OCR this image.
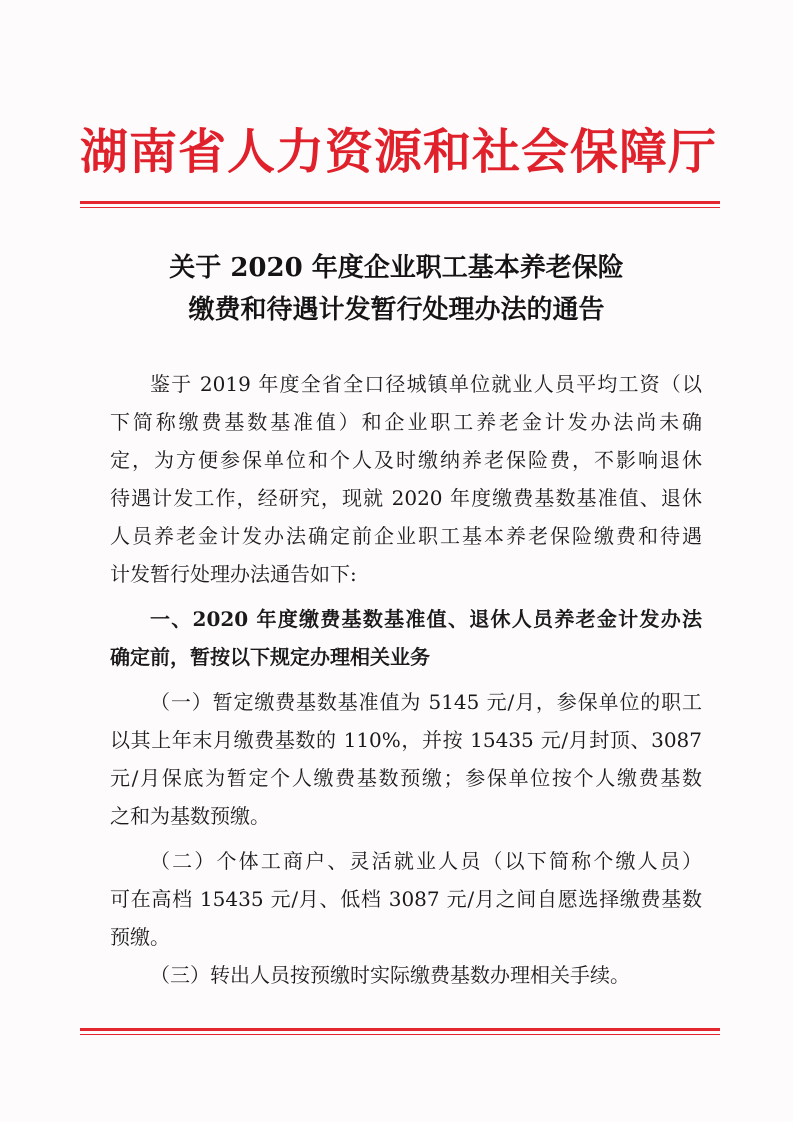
湖南省人力资源和社会保障厅
关于 2020 年度企业职工基本养老保险
缴费和待遇计发暂行处理办法的通告
鉴于 2019 年度全省全口径城镇单位就业人员平均工资（以
下简称缴费基数基准值）和企业职工养老金计发办法尚未确
定，为方便参保单位和个人及时缴纳养老保险费，不影响退休
待遇计发工作，经研究，现就 2020 年度缴费基数基准值、退休
人员养老金计发办法确定前企业职工基本养老保险缴费和待遇
计发暂行处理办法通告如下:
一、2020 年度缴费基数基准值、退休人员养老金计发办法
确定前，暂按以下规定办理相关业务
（一）暂定缴费基数基准值为 5145 元/月，参保单位的职工
以其上年末月缴费基数的 110%，并按 15435 元/月封顶、3087
元/月保底为暂定个人缴费基数预缴；参保单位按个人缴费基数
之和为基数预缴。
（二）个体工商户、灵活就业人员（以下简称个缴人员）
可在高档 15435 元/月、低档 3087 元/月之间自愿选择缴费基数
预缴。
（三）转出人员按预缴时实际缴费基数办理相关手续。
